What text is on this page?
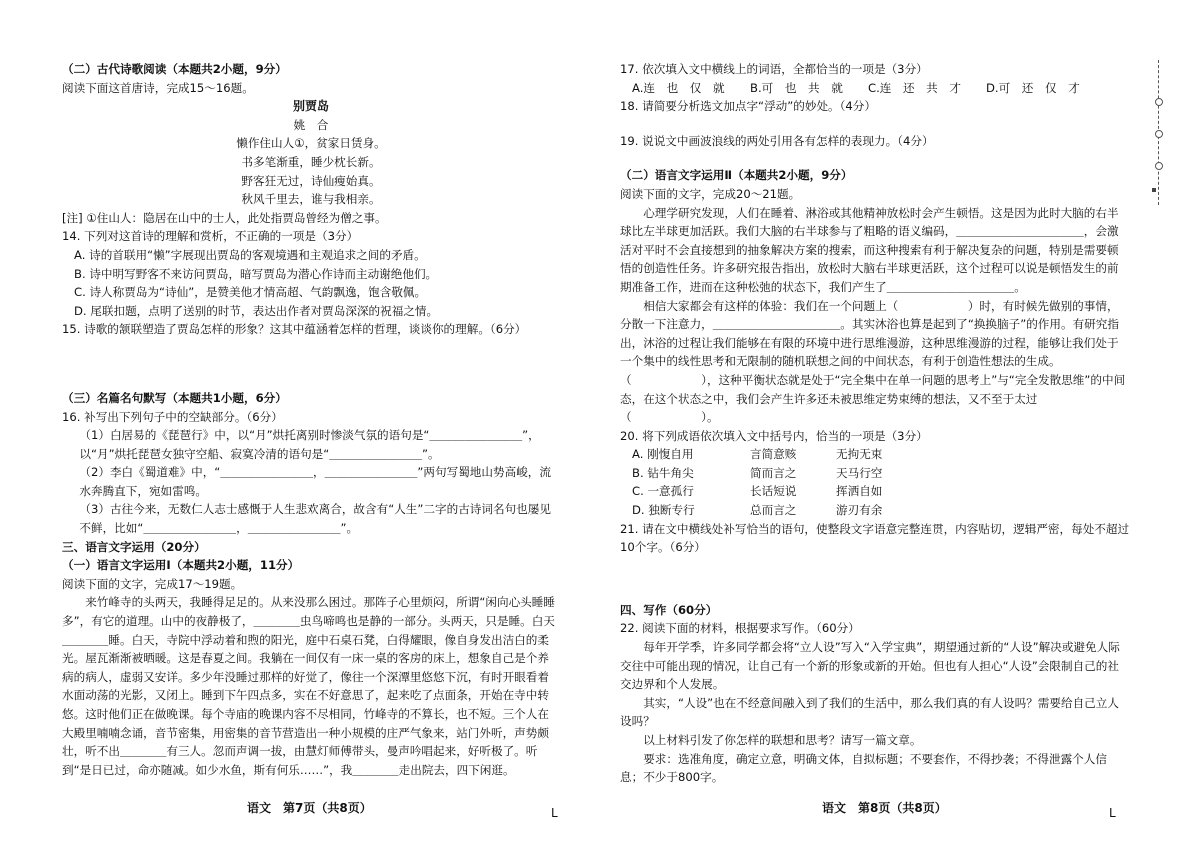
（二）古代诗歌阅读（本题共2小题，9分）

阅读下面这首唐诗，完成15～16题。

别贾岛

姚　合

懒作住山人①，贫家日赁身。

书多笔渐重，睡少枕长新。

野客狂无过，诗仙瘦始真。

秋风千里去，谁与我相亲。

[注] ①住山人：隐居在山中的士人，此处指贾岛曾经为僧之事。

14. 下列对这首诗的理解和赏析，不正确的一项是（3分）

A. 诗的首联用“懒”字展现出贾岛的客观境遇和主观追求之间的矛盾。

B. 诗中明写野客不来访问贾岛，暗写贾岛为潜心作诗而主动谢绝他们。

C. 诗人称贾岛为“诗仙”，是赞美他才情高超、气韵飘逸，饱含敬佩。

D. 尾联扣题，点明了送别的时节，表达出作者对贾岛深深的祝福之情。

15. 诗歌的颔联塑造了贾岛怎样的形象？这其中蕴涵着怎样的哲理，谈谈你的理解。（6分）

（三）名篇名句默写（本题共1小题，6分）

16. 补写出下列句子中的空缺部分。（6分）

（1）白居易的《琵琶行》中，以“月”烘托离别时惨淡气氛的语句是“＿＿＿＿＿＿＿＿”，以“月”烘托琵琶女独守空船、寂寞冷清的语句是“＿＿＿＿＿＿＿＿”。

（2）李白《蜀道难》中，“＿＿＿＿＿＿＿＿，＿＿＿＿＿＿＿＿”两句写蜀地山势高峻，流水奔腾直下，宛如雷鸣。

（3）古往今来，无数仁人志士感慨于人生悲欢离合，故含有“人生”二字的古诗词名句也屡见不鲜，比如“＿＿＿＿＿＿＿＿，＿＿＿＿＿＿＿＿”。

三、语言文字运用（20分）

（一）语言文字运用Ⅰ（本题共2小题，11分）

阅读下面的文字，完成17～19题。

来竹峰寺的头两天，我睡得足足的。从来没那么困过。那阵子心里烦闷，所谓“闲向心头睡睡多”，有它的道理。山中的夜静极了，＿＿＿＿虫鸟啼鸣也是静的一部分。头两天，只是睡。白天＿＿＿＿睡。白天，寺院中浮动着和煦的阳光，庭中石桌石凳，白得耀眼，像自身发出洁白的柔光。屋瓦渐渐被晒暖。这是春夏之间。我躺在一间仅有一床一桌的客房的床上，想象自己是个养病的病人，虚弱又安详。多少年没睡过那样的好觉了，像往一个深潭里悠悠下沉，有时开眼看着水面动荡的光影，又闭上。睡到下午四点多，实在不好意思了，起来吃了点面条，开始在寺中转悠。这时他们正在做晚课。每个寺庙的晚课内容不尽相同，竹峰寺的不算长，也不短。三个人在大殿里喃喃念诵，音节密集，用密集的音节营造出一种小规模的庄严气象来，站门外听，声势颇壮，听不出＿＿＿＿有三人。忽而声调一拔，由慧灯师傅带头，曼声吟唱起来，好听极了。听到“是日已过，命亦随减。如少水鱼，斯有何乐……”，我＿＿＿＿走出院去，四下闲逛。

语文　第7页（共8页）	L

17. 依次填入文中横线上的词语，全都恰当的一项是（3分）

A.连　也　仅　就	B.可　也　共　就	C.连　还　共　才	D.可　还　仅　才

18. 请简要分析选文加点字“浮动”的妙处。（4分）

19. 说说文中画波浪线的两处引用各有怎样的表现力。（4分）

（二）语言文字运用Ⅱ（本题共2小题，9分）

阅读下面的文字，完成20～21题。

心理学研究发现，人们在睡着、淋浴或其他精神放松时会产生顿悟。这是因为此时大脑的右半球比左半球更加活跃。我们大脑的右半球参与了粗略的语义编码，＿＿＿＿＿＿＿＿＿＿＿，会激活对平时不会直接想到的抽象解决方案的搜索，而这种搜索有利于解决复杂的问题，特别是需要顿悟的创造性任务。许多研究报告指出，放松时大脑右半球更活跃，这个过程可以说是顿悟发生的前期准备工作，进而在这种松弛的状态下，我们产生了＿＿＿＿＿＿＿＿＿＿＿。

相信大家都会有这样的体验：我们在一个问题上（　　　　　　）时，有时候先做别的事情，分散一下注意力，＿＿＿＿＿＿＿＿＿＿＿。其实沐浴也算是起到了“换换脑子”的作用。有研究指出，沐浴的过程让我们能够在有限的环境中进行思维漫游，这种思维漫游的过程，能够让我们处于一个集中的线性思考和无限制的随机联想之间的中间状态，有利于创造性想法的生成。（　　　　　　），这种平衡状态就是处于“完全集中在单一问题的思考上”与“完全发散思维”的中间态，在这个状态之中，我们会产生许多还未被思维定势束缚的想法，又不至于太过（　　　　　　）。

20. 将下列成语依次填入文中括号内，恰当的一项是（3分）

A. 刚愎自用	言简意赅	无拘无束
B. 钻牛角尖	简而言之	天马行空
C. 一意孤行	长话短说	挥洒自如
D. 独断专行	总而言之	游刃有余

21. 请在文中横线处补写恰当的语句，使整段文字语意完整连贯，内容贴切，逻辑严密，每处不超过10个字。（6分）

四、写作（60分）

22. 阅读下面的材料，根据要求写作。（60分）

每年开学季，许多同学都会将“立人设”写入“入学宝典”，期望通过新的“人设”解决或避免人际交往中可能出现的情况，让自己有一个新的形象或新的开始。但也有人担心“人设”会限制自己的社交边界和个人发展。

其实，“人设”也在不经意间融入到了我们的生活中，那么我们真的有人设吗？需要给自己立人设吗？

以上材料引发了你怎样的联想和思考？请写一篇文章。

要求：选准角度，确定立意，明确文体，自拟标题；不要套作，不得抄袭；不得泄露个人信息；不少于800字。

语文　第8页（共8页）	L
